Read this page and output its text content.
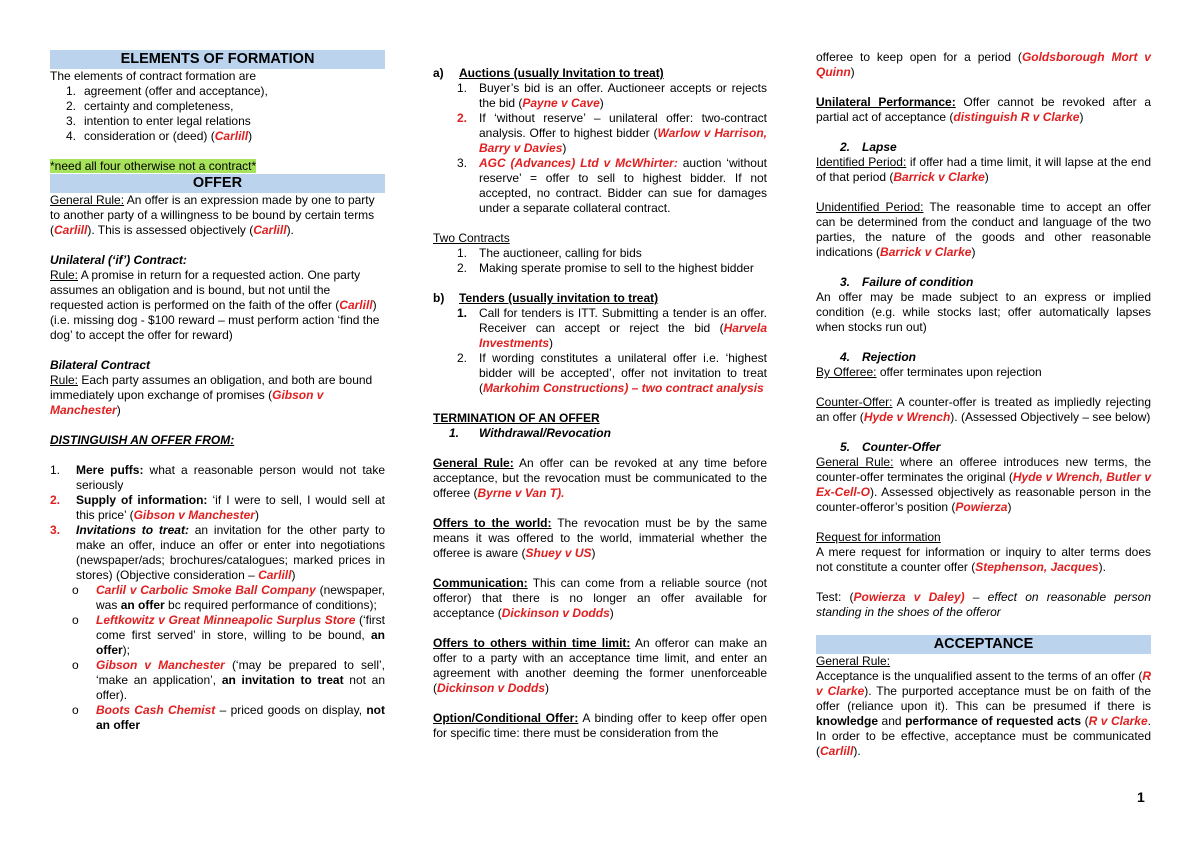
ELEMENTS OF FORMATION

The elements of contract formation are

1. agreement (offer and acceptance),
2. certainty and completeness,
3. intention to enter legal relations
4. consideration or (deed) (Carlill)

*need all four otherwise not a contract*

OFFER

General Rule: An offer is an expression made by one to party to another party of a willingness to be bound by certain terms (Carlill). This is assessed objectively (Carlill).

Unilateral (‘if’) Contract:

Rule: A promise in return for a requested action. One party assumes an obligation and is bound, but not until the requested action is performed on the faith of the offer (Carlill) (i.e. missing dog - $100 reward – must perform action ‘find the dog’ to accept the offer for reward)

Bilateral Contract

Rule: Each party assumes an obligation, and both are bound immediately upon exchange of promises (Gibson v Manchester)

DISTINGUISH AN OFFER FROM:

1. Mere puffs: what a reasonable person would not take seriously
2. Supply of information: ‘if I were to sell, I would sell at this price’ (Gibson v Manchester)
3. Invitations to treat: an invitation for the other party to make an offer, induce an offer or enter into negotiations (newspaper/ads; brochures/catalogues; marked prices in stores) (Objective consideration – Carlill)
o Carlil v Carbolic Smoke Ball Company (newspaper, was an offer bc required performance of conditions);
o Leftkowitz v Great Minneapolic Surplus Store (‘first come first served’ in store, willing to be bound, an offer);
o Gibson v Manchester (‘may be prepared to sell’, ‘make an application’, an invitation to treat not an offer).
o Boots Cash Chemist – priced goods on display, not an offer
a) Auctions (usually Invitation to treat)
1. Buyer’s bid is an offer. Auctioneer accepts or rejects the bid (Payne v Cave)
2. If ‘without reserve’ – unilateral offer: two-contract analysis. Offer to highest bidder (Warlow v Harrison, Barry v Davies)
3. AGC (Advances) Ltd v McWhirter: auction ‘without reserve’ = offer to sell to highest bidder. If not accepted, no contract. Bidder can sue for damages under a separate collateral contract.

Two Contracts

1. The auctioneer, calling for bids
2. Making sperate promise to sell to the highest bidder
b) Tenders (usually invitation to treat)
1. Call for tenders is ITT. Submitting a tender is an offer. Receiver can accept or reject the bid (Harvela Investments)
2. If wording constitutes a unilateral offer i.e. ‘highest bidder will be accepted’, offer not invitation to treat (Markohim Constructions) – two contract analysis

TERMINATION OF AN OFFER

1. Withdrawal/Revocation

General Rule: An offer can be revoked at any time before acceptance, but the revocation must be communicated to the offeree (Byrne v Van T).

Offers to the world: The revocation must be by the same means it was offered to the world, immaterial whether the offeree is aware (Shuey v US)

Communication: This can come from a reliable source (not offeror) that there is no longer an offer available for acceptance (Dickinson v Dodds)

Offers to others within time limit: An offeror can make an offer to a party with an acceptance time limit, and enter an agreement with another deeming the former unenforceable (Dickinson v Dodds)

Option/Conditional Offer: A binding offer to keep offer open for specific time: there must be consideration from the

offeree to keep open for a period (Goldsborough Mort v Quinn)

Unilateral Performance: Offer cannot be revoked after a partial act of acceptance (distinguish R v Clarke)

2. Lapse

Identified Period: if offer had a time limit, it will lapse at the end of that period (Barrick v Clarke)

Unidentified Period: The reasonable time to accept an offer can be determined from the conduct and language of the two parties, the nature of the goods and other reasonable indications (Barrick v Clarke)

3. Failure of condition

An offer may be made subject to an express or implied condition (e.g. while stocks last; offer automatically lapses when stocks run out)

4. Rejection

By Offeree: offer terminates upon rejection

Counter-Offer: A counter-offer is treated as impliedly rejecting an offer (Hyde v Wrench). (Assessed Objectively – see below)

5. Counter-Offer

General Rule: where an offeree introduces new terms, the counter-offer terminates the original (Hyde v Wrench, Butler v Ex-Cell-O). Assessed objectively as reasonable person in the counter-offeror’s position (Powierza)

Request for information

A mere request for information or inquiry to alter terms does not constitute a counter offer (Stephenson, Jacques).

Test: (Powierza v Daley) – effect on reasonable person standing in the shoes of the offeror

ACCEPTANCE

General Rule:

Acceptance is the unqualified assent to the terms of an offer (R v Clarke). The purported acceptance must be on faith of the offer (reliance upon it). This can be presumed if there is knowledge and performance of requested acts (R v Clarke. In order to be effective, acceptance must be communicated (Carlill).

1
